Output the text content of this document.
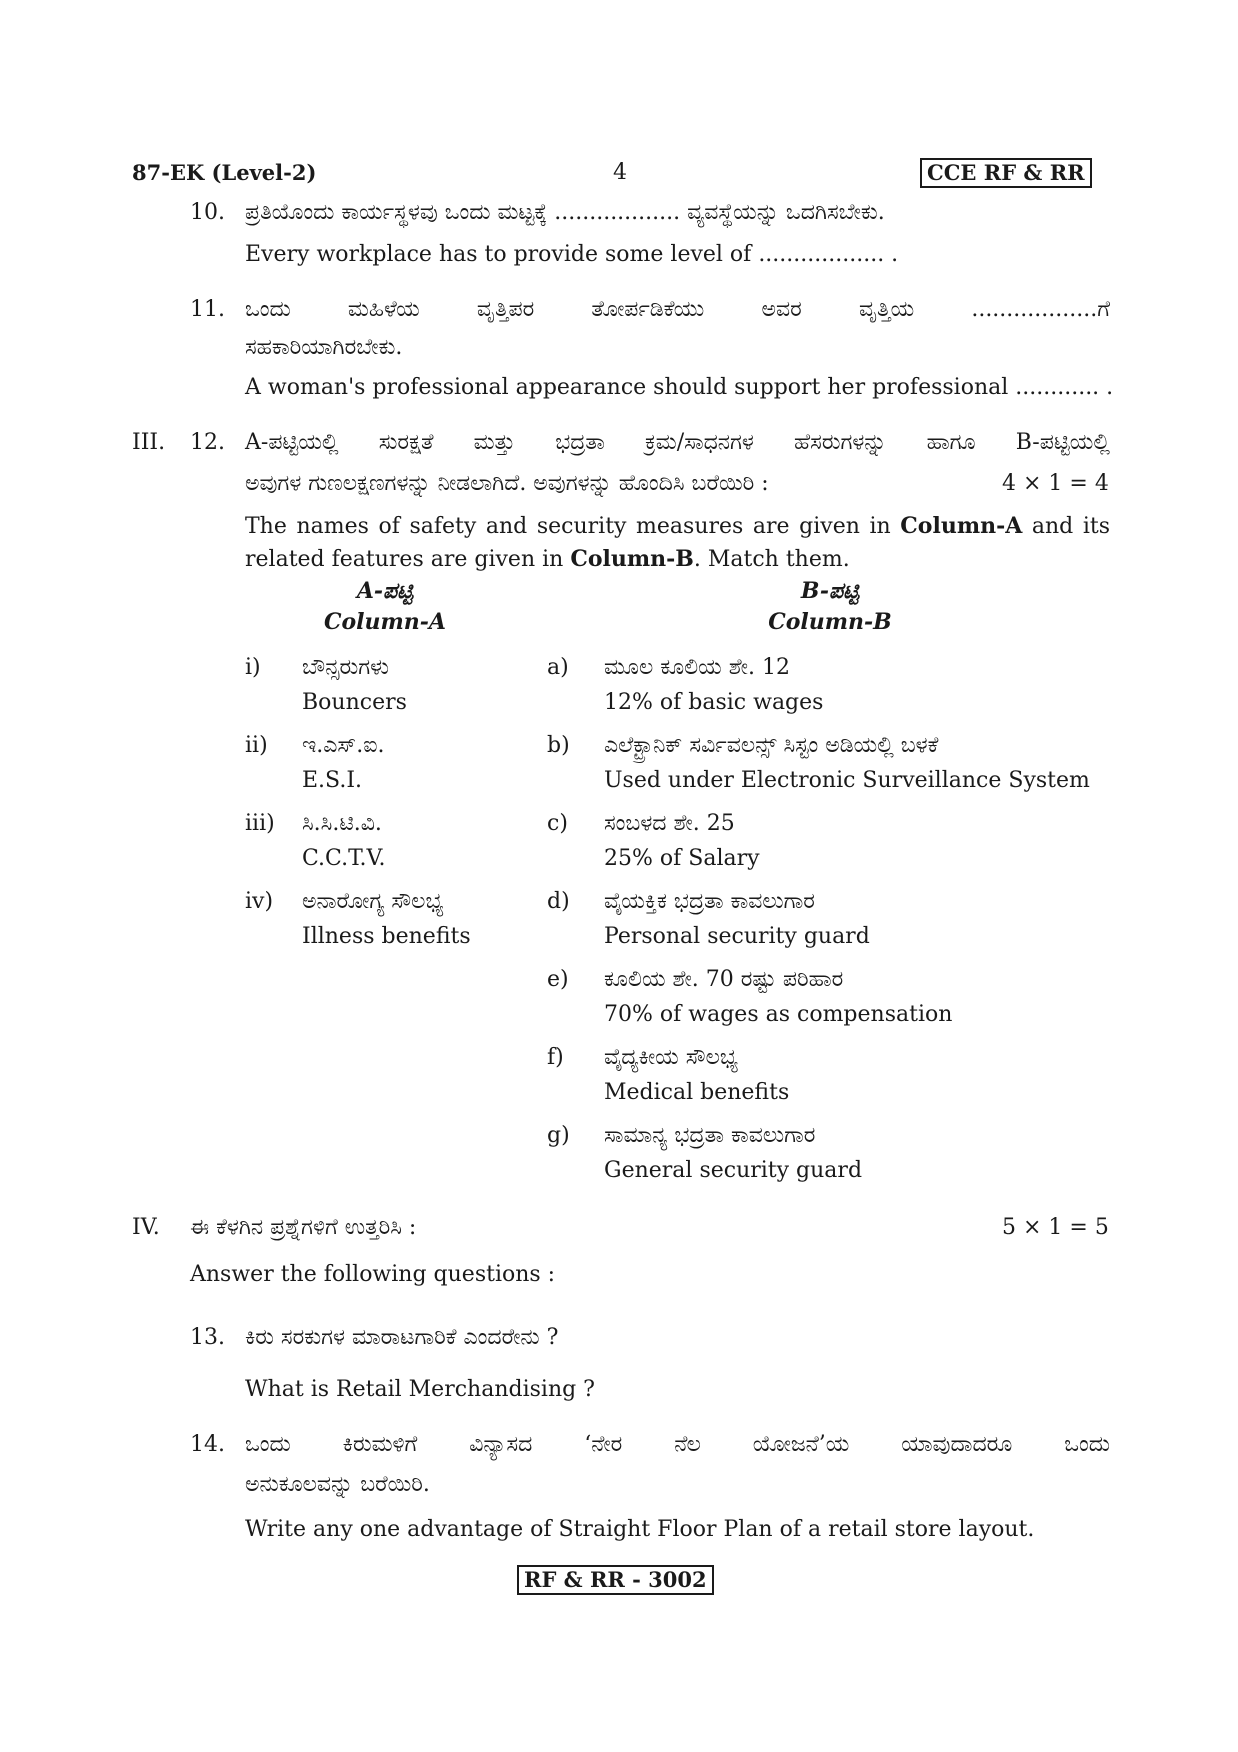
87-EK (Level-2)	4	CCE RF & RR
10. ಪ್ರತಿಯೊಂದು ಕಾರ್ಯಸ್ಥಳವು ಒಂದು ಮಟ್ಟಕ್ಕೆ .................. ವ್ಯವಸ್ಥೆಯನ್ನು ಒದಗಿಸಬೇಕು.
Every workplace has to provide some level of .................. .
11. ಒಂದು ಮಹಿಳೆಯ ವೃತ್ತಿಪರ ತೋರ್ಪಡಿಕೆಯು ಅವರ ವೃತ್ತಿಯ ..................ಗೆ
ಸಹಕಾರಿಯಾಗಿರಬೇಕು.
A woman's professional appearance should support her professional ............ .
III. 12. A-ಪಟ್ಟಿಯಲ್ಲಿ ಸುರಕ್ಷತೆ ಮತ್ತು ಭದ್ರತಾ ಕ್ರಮ/ಸಾಧನಗಳ ಹೆಸರುಗಳನ್ನು ಹಾಗೂ B-ಪಟ್ಟಿಯಲ್ಲಿ
ಅವುಗಳ ಗುಣಲಕ್ಷಣಗಳನ್ನು ನೀಡಲಾಗಿದೆ. ಅವುಗಳನ್ನು ಹೊಂದಿಸಿ ಬರೆಯಿರಿ :	4 × 1 = 4
The names of safety and security measures are given in Column-A and its
related features are given in Column-B. Match them.
A-ಪಟ್ಟಿ
Column-A
B-ಪಟ್ಟಿ
Column-B
i) ಬೌನ್ಸರುಗಳು
Bouncers
ii) ಇ.ಎಸ್.ಐ.
E.S.I.
iii) ಸಿ.ಸಿ.ಟಿ.ವಿ.
C.C.T.V.
iv) ಅನಾರೋಗ್ಯ ಸೌಲಭ್ಯ
Illness benefits
a) ಮೂಲ ಕೂಲಿಯ ಶೇ. 12
12% of basic wages
b) ಎಲೆಕ್ಟ್ರಾನಿಕ್ ಸರ್ವಿವಲನ್ಸ್ ಸಿಸ್ಟಂ ಅಡಿಯಲ್ಲಿ ಬಳಕೆ
Used under Electronic Surveillance System
c) ಸಂಬಳದ ಶೇ. 25
25% of Salary
d) ವೈಯಕ್ತಿಕ ಭದ್ರತಾ ಕಾವಲುಗಾರ
Personal security guard
e) ಕೂಲಿಯ ಶೇ. 70 ರಷ್ಟು ಪರಿಹಾರ
70% of wages as compensation
f) ವೈದ್ಯಕೀಯ ಸೌಲಭ್ಯ
Medical benefits
g) ಸಾಮಾನ್ಯ ಭದ್ರತಾ ಕಾವಲುಗಾರ
General security guard
IV. ಈ ಕೆಳಗಿನ ಪ್ರಶ್ನೆಗಳಿಗೆ ಉತ್ತರಿಸಿ :	5 × 1 = 5
Answer the following questions :
13. ಕಿರು ಸರಕುಗಳ ಮಾರಾಟಗಾರಿಕೆ ಎಂದರೇನು ?
What is Retail Merchandising ?
14. ಒಂದು ಕಿರುಮಳಿಗೆ ವಿನ್ಯಾಸದ ‘ನೇರ ನೆಲ ಯೋಜನೆ’ಯ ಯಾವುದಾದರೂ ಒಂದು
ಅನುಕೂಲವನ್ನು ಬರೆಯಿರಿ.
Write any one advantage of Straight Floor Plan of a retail store layout.
RF & RR - 3002
